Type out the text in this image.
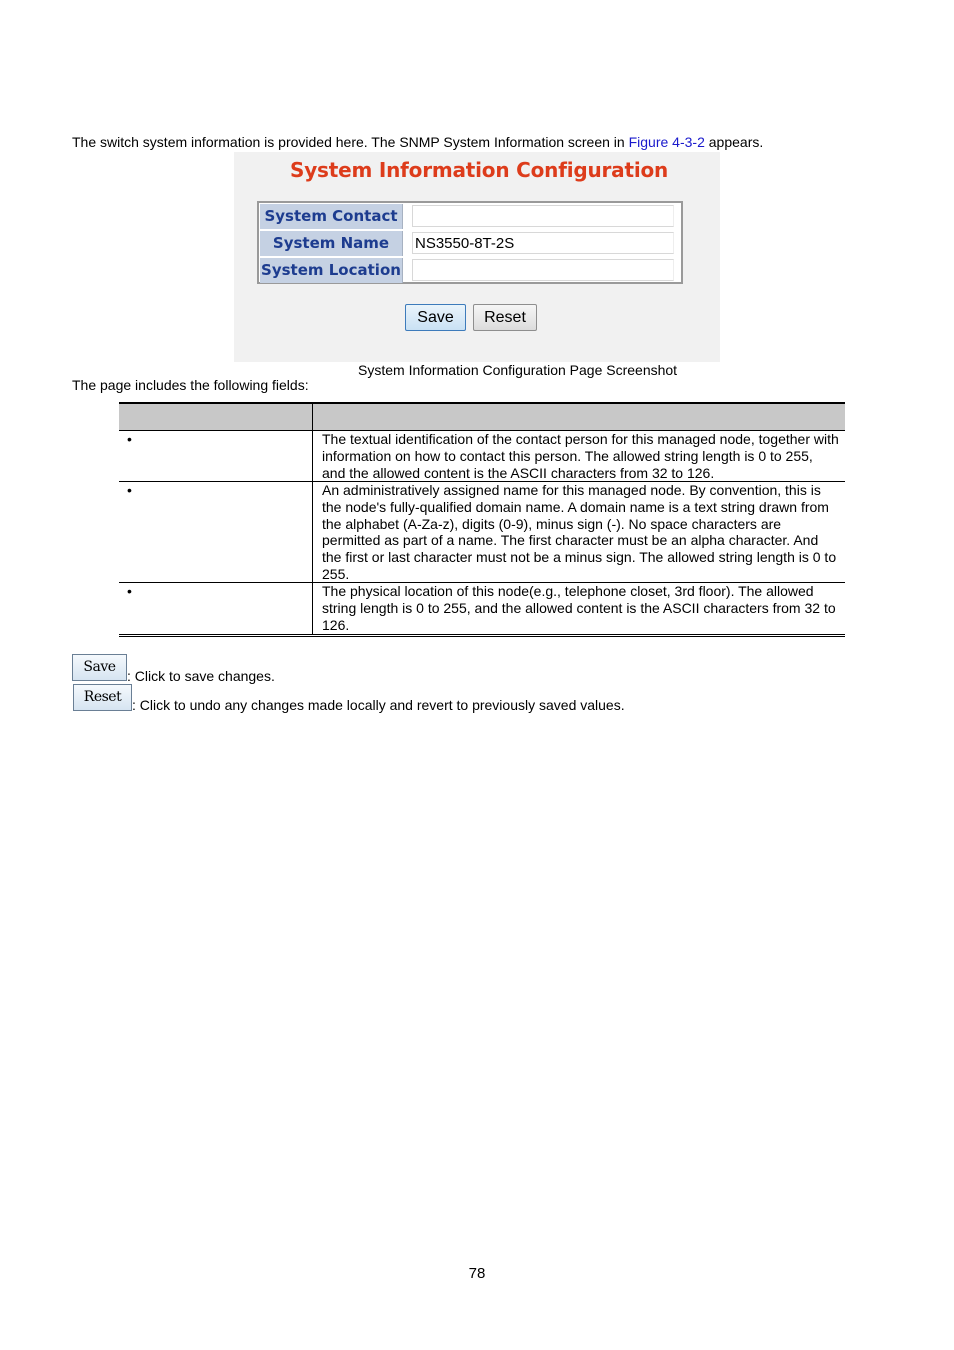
The switch system information is provided here. The SNMP System Information screen in Figure 4-3-2 appears.
System Information Configuration
System Contact
System Name	NS3550-8T-2S
System Location
Save	Reset
System Information Configuration Page Screenshot
The page includes the following fields:
•	The textual identification of the contact person for this managed node, together with information on how to contact this person. The allowed string length is 0 to 255, and the allowed content is the ASCII characters from 32 to 126.
•	An administratively assigned name for this managed node. By convention, this is the node's fully-qualified domain name. A domain name is a text string drawn from the alphabet (A-Za-z), digits (0-9), minus sign (-). No space characters are permitted as part of a name. The first character must be an alpha character. And the first or last character must not be a minus sign. The allowed string length is 0 to 255.
•	The physical location of this node(e.g., telephone closet, 3rd floor). The allowed string length is 0 to 255, and the allowed content is the ASCII characters from 32 to 126.
Save
: Click to save changes.
Reset : Click to undo any changes made locally and revert to previously saved values.
78
